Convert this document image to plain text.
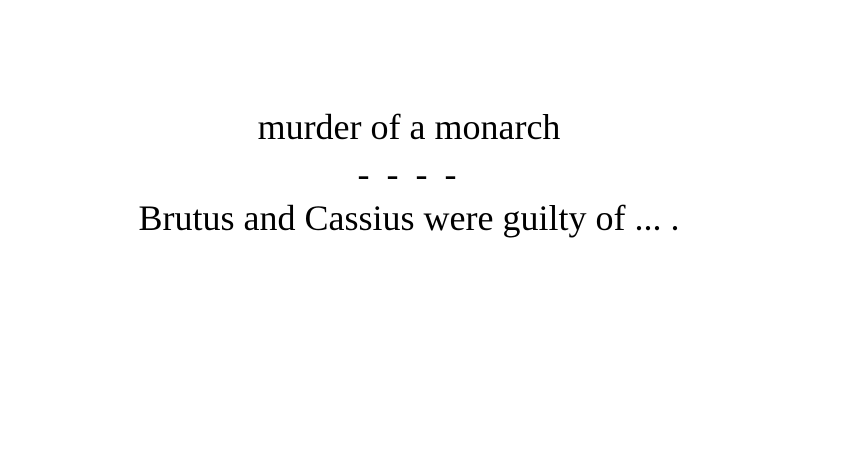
murder of a monarch
- - - -
Brutus and Cassius were guilty of ... .
